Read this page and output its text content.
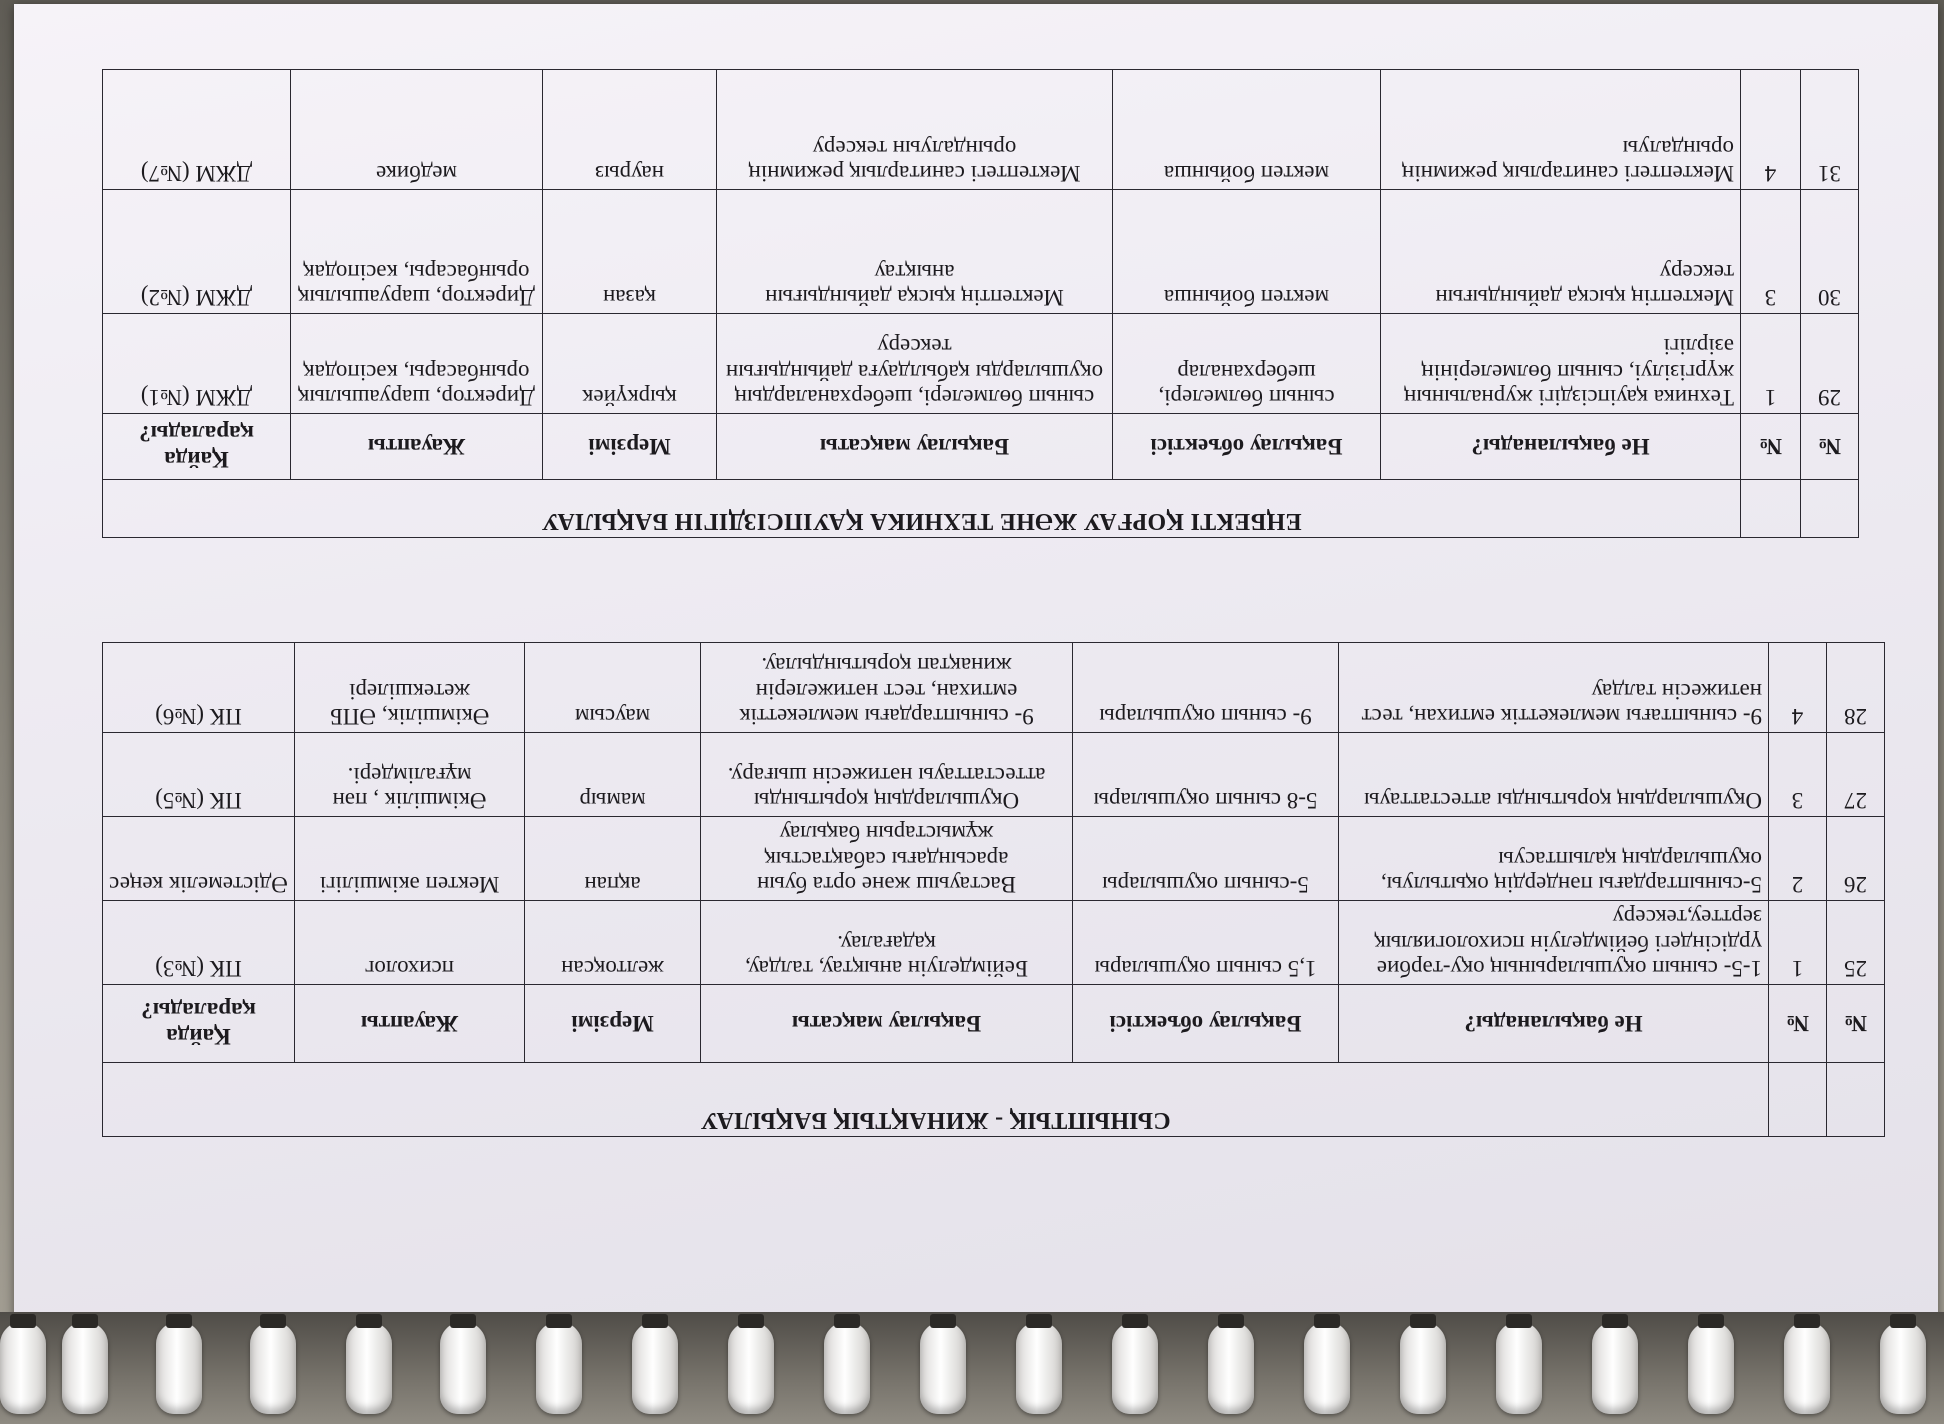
		СЫНЫПТЫҚ - ЖИНАҚТЫҚ БАҚЫЛАУ					
№	№	Не бақыланады?	Бақылау объектісі	Бақылау мақсаты	Мерзімі	Жауапты	Қайда қаралады?
25	1	1-5- сынып оқушыларының оқу-тәрбие үрдісіндегі бейімделуін психологиялық зерттеу,тексеру	1,5 сынып оқушылары	Бейімделуін анықтау, талдау, қадағалау.	желтоқсан	психолог	ПК (№3)
26	2	5-сыныптардағы пәндердің оқытылуы, оқушылардың қалыптасуы	5-сынып оқушылары	Вастауыш және орта буын арасындағы сабақтастық жұмыстарын бақылау	ақпан	Мектеп әкімшілігі	Әдістемелік кеңес
27	3	Оқушылардың қорытынды аттестаттауы	5-8 сынып оқушылары	Оқушылардың қорытынды аттестаттауы нәтижесін шығару.	мамыр	Әкімшілік , пән мұғалімдері.	ПК (№5)
28	4	9- сыныптағы мемлекеттік емтихан, тест нәтижесін талдау	9- сынып оқушылары	9- сыныптардағы мемлекеттік емтихан, тест нәтижелерін жинақтап қорытындылау.	маусым	Әкімшілік, ӘПБ жетекшілері	ПК (№6)
		ЕҢБЕКТІ ҚОРҒАУ ЖӘНЕ ТЕХНИКА ҚАУІПСІЗДІГІН БАҚЫЛАУ					
№	№	Не бақыланады?	Бақылау объектісі	Бақылау мақсаты	Мерзімі	Жауапты	Қайда қаралады?
29	1	Техника қауіпсіздігі журналының жүргізілуі, сынып бөлмелерінің әзірлігі	сынып бөлмелері, шеберханалар	сынып бөлмелері, шеберханалардың оқушыларды қабылдауға дайындығын тексеру	қыркүйек	Директор, шаруашылық орынбасары, кәсіподақ	ДЖМ (№1)
30	3	Мектептің қысқа дайындығын тексеру	мектеп бойынша	Мектептің қысқа дайындығын анықтау	қазан	Директор, шаруашылық орынбасары, кәсіподақ	ДЖМ (№2)
31	4	Мектептегі санитарлық режимнің орындалуы	мектеп бойынша	Мектептегі санитарлық режимнің орындалуын тексеру	наурыз	медбике	ДЖМ (№7)
